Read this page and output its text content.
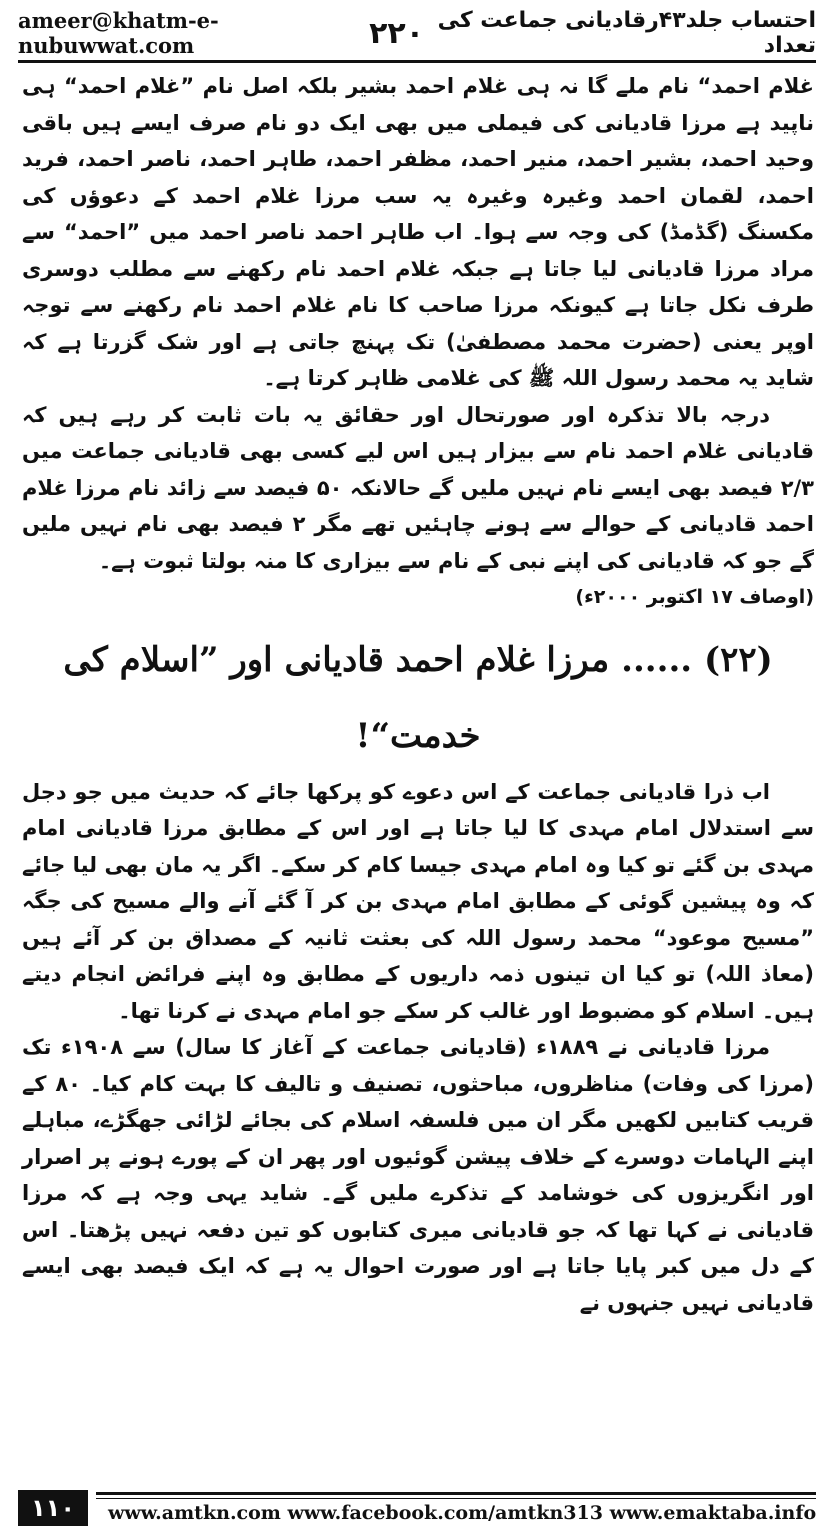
ameer@khatm-e-nubuwwat.com	۲۲۰ احتساب جلد۴۳رقادیانی جماعت کی تعداد

غلام احمد“ نام ملے گا نہ ہی غلام احمد بشیر بلکہ اصل نام ”غلام احمد“ ہی ناپید ہے مرزا قادیانی کی فیملی میں بھی ایک دو نام صرف ایسے ہیں باقی وحید احمد، بشیر احمد، منیر احمد، مظفر احمد، طاہر احمد، ناصر احمد، فرید احمد، لقمان احمد وغیرہ وغیرہ یہ سب مرزا غلام احمد کے دعوؤں کی مکسنگ (گڈمڈ) کی وجہ سے ہوا۔ اب طاہر احمد ناصر احمد میں ”احمد“ سے مراد مرزا قادیانی لیا جاتا ہے جبکہ غلام احمد نام رکھنے سے مطلب دوسری طرف نکل جاتا ہے کیونکہ مرزا صاحب کا نام غلام احمد نام رکھنے سے توجہ اوپر یعنی (حضرت محمد مصطفیٰ) تک پہنچ جاتی ہے اور شک گزرتا ہے کہ شاید یہ محمد رسول اللہ ﷺ کی غلامی ظاہر کرتا ہے۔

درجہ بالا تذکرہ اور صورتحال اور حقائق یہ بات ثابت کر رہے ہیں کہ قادیانی غلام احمد نام سے بیزار ہیں اس لیے کسی بھی قادیانی جماعت میں ۲/۳ فیصد بھی ایسے نام نہیں ملیں گے حالانکہ ۵۰ فیصد سے زائد نام مرزا غلام احمد قادیانی کے حوالے سے ہونے چاہئیں تھے مگر ۲ فیصد بھی نام نہیں ملیں گے جو کہ قادیانی کی اپنے نبی کے نام سے بیزاری کا منہ بولتا ثبوت ہے۔

(اوصاف ۱۷ اکتوبر ۲۰۰۰ء)

(۲۲) ...... مرزا غلام احمد قادیانی اور ”اسلام کی خدمت“!

اب ذرا قادیانی جماعت کے اس دعوے کو پرکھا جائے کہ حدیث میں جو دجل سے استدلال امام مہدی کا لیا جاتا ہے اور اس کے مطابق مرزا قادیانی امام مہدی بن گئے تو کیا وہ امام مہدی جیسا کام کر سکے۔ اگر یہ مان بھی لیا جائے کہ وہ پیشین گوئی کے مطابق امام مہدی بن کر آ گئے آنے والے مسیح کی جگہ ”مسیح موعود“ محمد رسول اللہ کی بعثت ثانیہ کے مصداق بن کر آئے ہیں (معاذ اللہ) تو کیا ان تینوں ذمہ داریوں کے مطابق وہ اپنے فرائض انجام دیتے ہیں۔ اسلام کو مضبوط اور غالب کر سکے جو امام مہدی نے کرنا تھا۔

مرزا قادیانی نے ۱۸۸۹ء (قادیانی جماعت کے آغاز کا سال) سے ۱۹۰۸ء تک (مرزا کی وفات) مناظروں، مباحثوں، تصنیف و تالیف کا بہت کام کیا۔ ۸۰ کے قریب کتابیں لکھیں مگر ان میں فلسفہ اسلام کی بجائے لڑائی جھگڑے، مباہلے اپنے الہامات دوسرے کے خلاف پیشن گوئیوں اور پھر ان کے پورے ہونے پر اصرار اور انگریزوں کی خوشامد کے تذکرے ملیں گے۔ شاید یہی وجہ ہے کہ مرزا قادیانی نے کہا تھا کہ جو قادیانی میری کتابوں کو تین دفعہ نہیں پڑھتا۔ اس کے دل میں کبر پایا جاتا ہے اور صورت احوال یہ ہے کہ ایک فیصد بھی ایسے قادیانی نہیں جنہوں نے

۱۱۰	www.amtkn.com www.facebook.com/amtkn313 www.emaktaba.info
